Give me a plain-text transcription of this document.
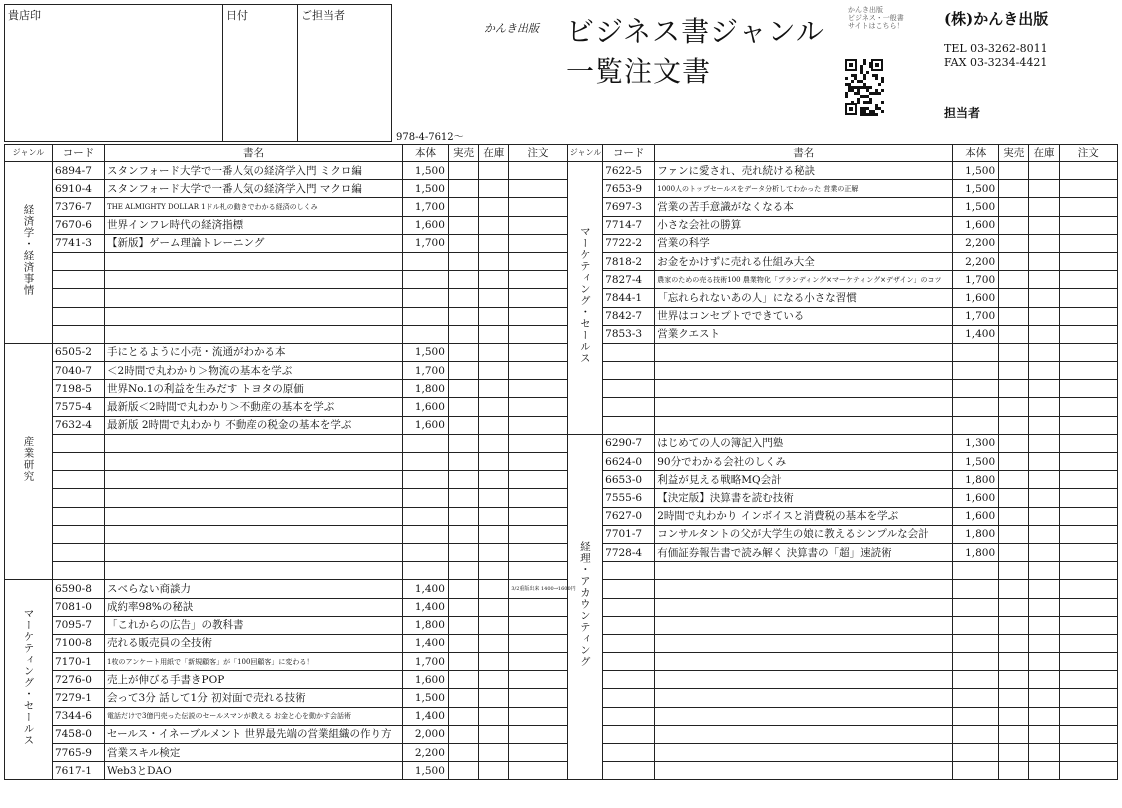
貴店印	日付	ご担当者
978-4-7612〜
かんき出版 ビジネス書ジャンル
一覧注文書
かんき出版
ビジネス・一般書
サイトはこちら！	(株)かんき出版
TEL 03-3262-8011
FAX 03-3234-4421
担当者
ジャンル	コード	書名	本体	実売	在庫	注文	ジャンル	コード	書名	本体	実売	在庫	注文
経済学・経済事情	6894-7	スタンフォード大学で一番人気の経済学入門 ミクロ編	1,500				マーケティング・セールス	7622-5	ファンに愛され、売れ続ける秘訣	1,500			
	6910-4	スタンフォード大学で一番人気の経済学入門 マクロ編	1,500					7653-9	1000人のトップセールスをデータ分析してわかった 営業の正解	1,500			
	7376-7	THE ALMIGHTY DOLLAR 1ドル札の動きでわかる経済のしくみ	1,700					7697-3	営業の苦手意識がなくなる本	1,500			
	7670-6	世界インフレ時代の経済指標	1,600					7714-7	小さな会社の勝算	1,600			
	7741-3	【新版】ゲーム理論トレーニング	1,700					7722-2	営業の科学	2,200			
								7818-2	お金をかけずに売れる仕組み大全	2,200			
								7827-4	農家のための売る技術100 農業物化「ブランディング×マーケティング×デザイン」のコツ	1,700			
								7844-1	「忘れられないあの人」になる小さな習慣	1,600			
								7842-7	世界はコンセプトでできている	1,700			
								7853-3	営業クエスト	1,400			
産業研究	6505-2	手にとるように小売・流通がわかる本	1,500										
	7040-7	＜2時間で丸わかり＞物流の基本を学ぶ	1,700										
	7198-5	世界No.1の利益を生みだす トヨタの原価	1,800										
	7575-4	最新版＜2時間で丸わかり＞不動産の基本を学ぶ	1,600										
	7632-4	最新版 2時間で丸わかり 不動産の税金の基本を学ぶ	1,600										
							経理・アカウンティング	6290-7	はじめての人の簿記入門塾	1,300			
								6624-0	90分でわかる会社のしくみ	1,500			
								6653-0	利益が見える戦略MQ会計	1,800			
								7555-6	【決定版】決算書を読む技術	1,600			
								7627-0	2時間で丸わかり インボイスと消費税の基本を学ぶ	1,600			
								7701-7	コンサルタントの父が大学生の娘に教えるシンプルな会計	1,800			
								7728-4	有価証券報告書で読み解く 決算書の「超」速読術	1,800			

マーケティング・セールス	6590-8	スベらない商談力	1,400			3/2重版出来 1400→1600円							
	7081-0	成約率98%の秘訣	1,400										
	7095-7	「これからの広告」の教科書	1,800										
	7100-8	売れる販売員の全技術	1,400										
	7170-1	1枚のアンケート用紙で「新規顧客」が「100回顧客」に変わる！	1,700										
	7276-0	売上が伸びる手書きPOP	1,600										
	7279-1	会って3分 話して1分 初対面で売れる技術	1,500										
	7344-6	電話だけで3億円売った伝説のセールスマンが教える お金と心を動かす会話術	1,400										
	7458-0	セールス・イネーブルメント 世界最先端の営業組織の作り方	2,000										
	7765-9	営業スキル検定	2,200										
	7617-1	Web3とDAO	1,500										
